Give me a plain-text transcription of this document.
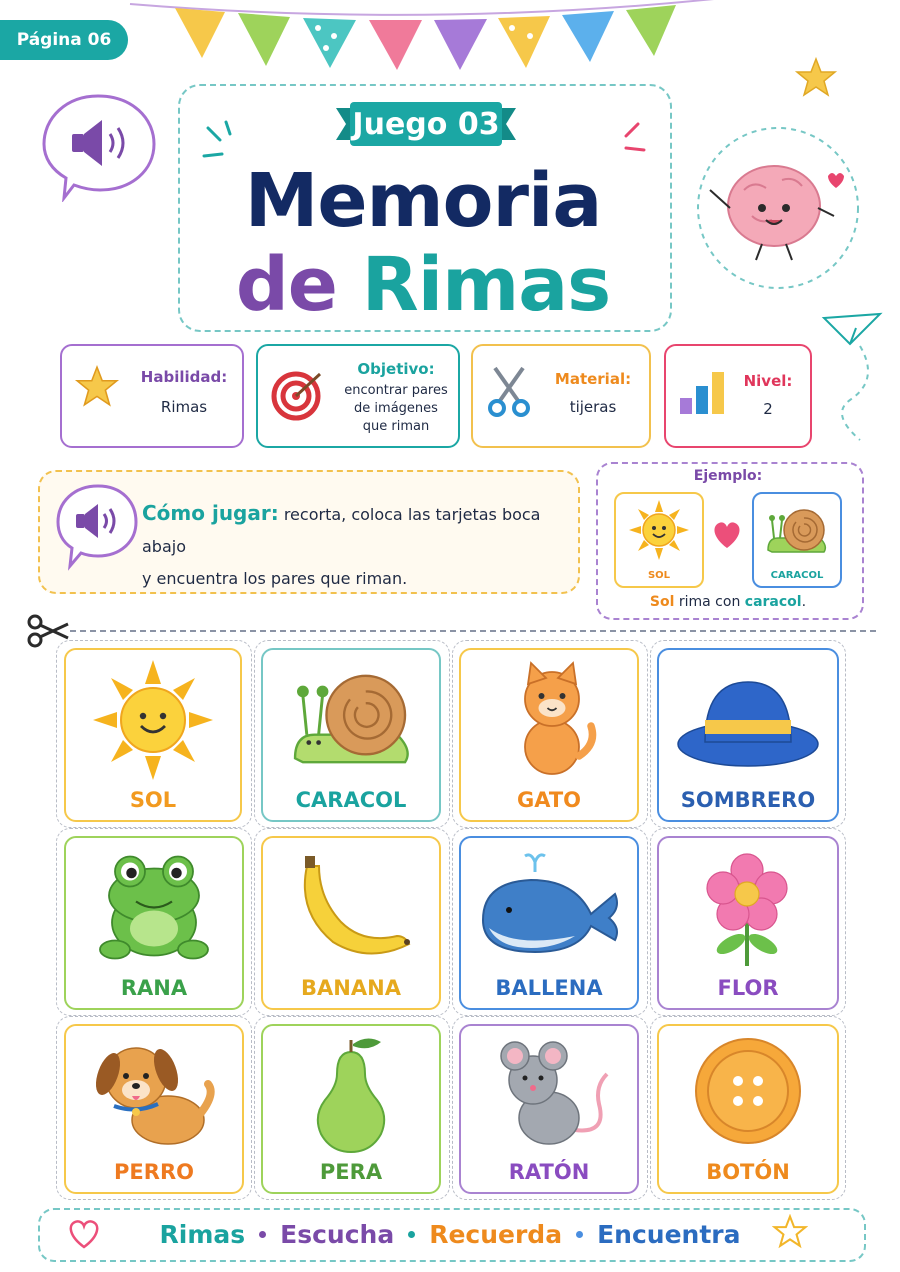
Página 06
Juego 03
Memoria
de Rimas
Habilidad:
Rimas
Objetivo:
encontrar pares
de imágenes
que riman
Material:
tijeras
Nivel:
2
Cómo jugar: recorta, coloca las tarjetas boca abajo
y encuentra los pares que riman.
Ejemplo:
SOL	CARACOL
Sol rima con caracol.
SOL	CARACOL	GATO	SOMBRERO
RANA	BANANA	BALLENA	FLOR
PERRO	PERA	RATÓN	BOTÓN
Rimas Escucha Recuerda Encuentra
